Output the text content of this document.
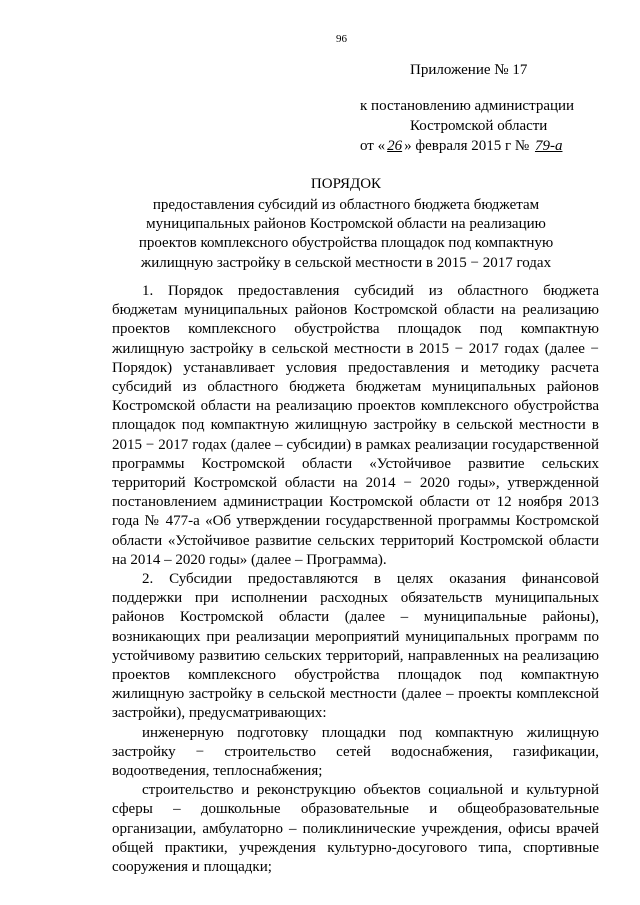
96
Приложение № 17
к постановлению администрации
Костромской области
от « 26 » февраля 2015 г № 79-а
ПОРЯДОК
предоставления субсидий из областного бюджета бюджетам муниципальных районов Костромской области на реализацию проектов комплексного обустройства площадок под компактную жилищную застройку в сельской местности в 2015 − 2017 годах

1. Порядок предоставления субсидий из областного бюджета бюджетам муниципальных районов Костромской области на реализацию проектов комплексного обустройства площадок под компактную жилищную застройку в сельской местности в 2015 − 2017 годах (далее − Порядок) устанавливает условия предоставления и методику расчета субсидий из областного бюджета бюджетам муниципальных районов Костромской области на реализацию проектов комплексного обустройства площадок под компактную жилищную застройку в сельской местности в 2015 − 2017 годах (далее – субсидии) в рамках реализации государственной программы Костромской области «Устойчивое развитие сельских территорий Костромской области на 2014 − 2020 годы», утвержденной постановлением администрации Костромской области от 12 ноября 2013 года № 477-а «Об утверждении государственной программы Костромской области «Устойчивое развитие сельских территорий Костромской области на 2014 – 2020 годы» (далее – Программа).

2. Субсидии предоставляются в целях оказания финансовой поддержки при исполнении расходных обязательств муниципальных районов Костромской области (далее – муниципальные районы), возникающих при реализации мероприятий муниципальных программ по устойчивому развитию сельских территорий, направленных на реализацию проектов комплексного обустройства площадок под компактную жилищную застройку в сельской местности (далее – проекты комплексной застройки), предусматривающих:

инженерную подготовку площадки под компактную жилищную застройку − строительство сетей водоснабжения, газификации, водоотведения, теплоснабжения;

строительство и реконструкцию объектов социальной и культурной сферы – дошкольные образовательные и общеобразовательные организации, амбулаторно – поликлинические учреждения, офисы врачей общей практики, учреждения культурно-досугового типа, спортивные сооружения и площадки;
